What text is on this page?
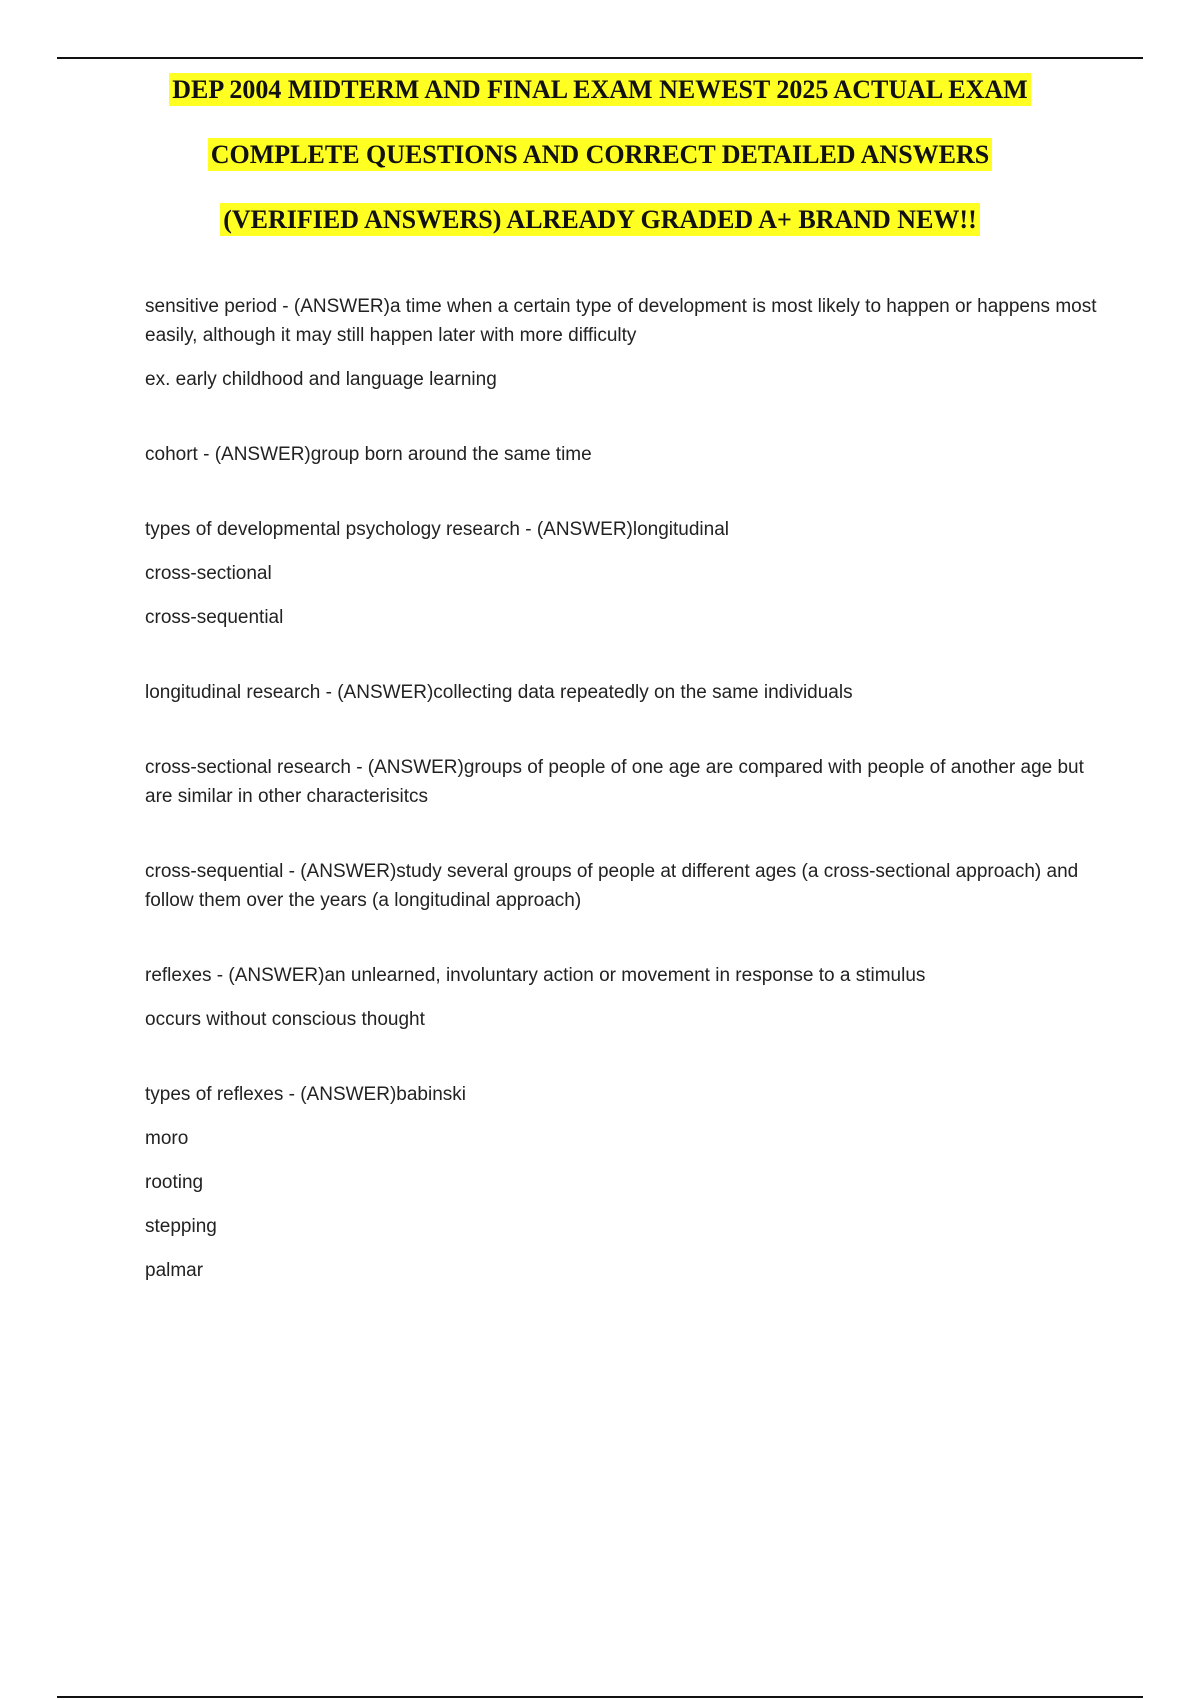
DEP 2004 MIDTERM AND FINAL EXAM NEWEST 2025 ACTUAL EXAM
COMPLETE QUESTIONS AND CORRECT DETAILED ANSWERS
(VERIFIED ANSWERS) ALREADY GRADED A+ BRAND NEW!!
sensitive period - (ANSWER)a time when a certain type of development is most likely to happen or happens most easily, although it may still happen later with more difficulty
ex. early childhood and language learning
cohort - (ANSWER)group born around the same time
types of developmental psychology research - (ANSWER)longitudinal
cross-sectional
cross-sequential
longitudinal research - (ANSWER)collecting data repeatedly on the same individuals
cross-sectional research - (ANSWER)groups of people of one age are compared with people of another age but are similar in other characterisitcs
cross-sequential - (ANSWER)study several groups of people at different ages (a cross-sectional approach) and follow them over the years (a longitudinal approach)
reflexes - (ANSWER)an unlearned, involuntary action or movement in response to a stimulus
occurs without conscious thought
types of reflexes - (ANSWER)babinski
moro
rooting
stepping
palmar
